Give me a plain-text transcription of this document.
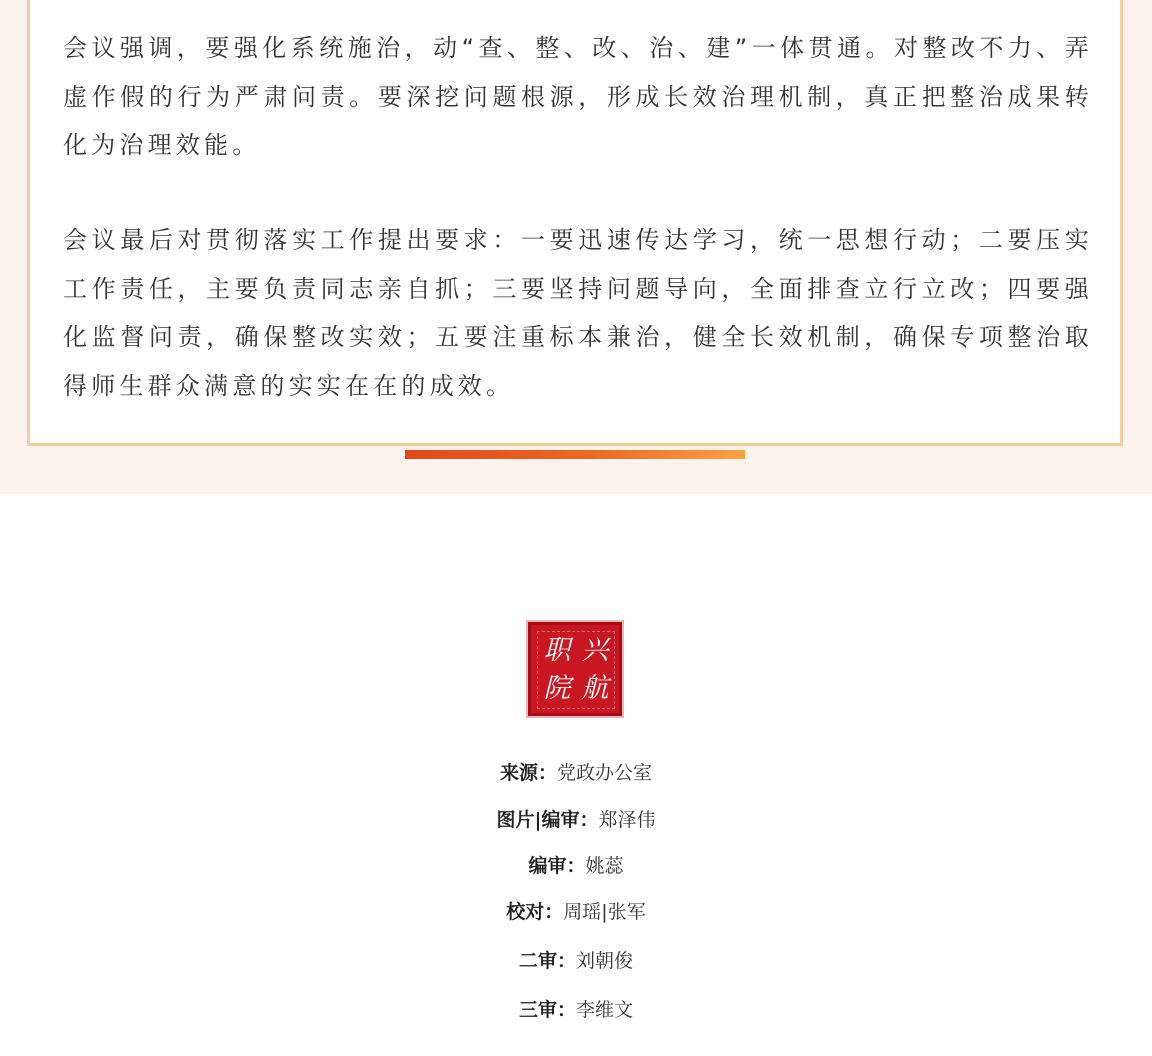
会议强调，要强化系统施治，动“查、整、改、治、建”一体贯通。对整改不力、弄虚作假的行为严肃问责。要深挖问题根源，形成长效治理机制，真正把整治成果转化为治理效能。

会议最后对贯彻落实工作提出要求：一要迅速传达学习，统一思想行动；二要压实工作责任，主要负责同志亲自抓；三要坚持问题导向，全面排查立行立改；四要强化监督问责，确保整改实效；五要注重标本兼治，健全长效机制，确保专项整治取得师生群众满意的实实在在的成效。

兴
航
职
院
来源：党政办公室
图片|编审：郑泽伟
编审：姚蕊
校对：周瑶|张军
二审：刘朝俊
三审：李维文
